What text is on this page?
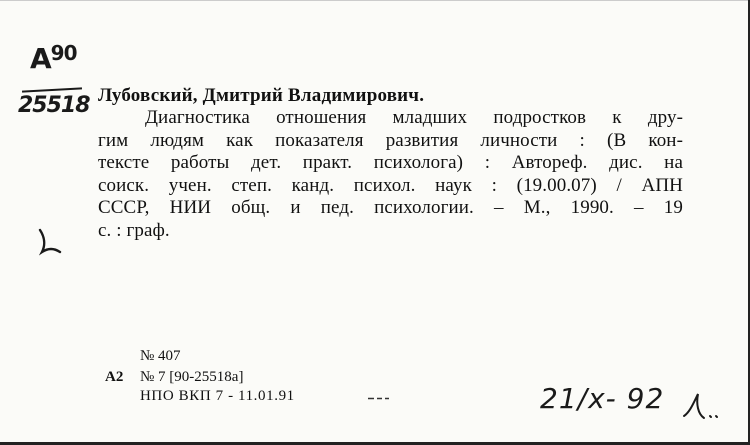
$A^{90}$
25518 Лубовский, Дмитрий Владимирович.
Диагностика отношения младших подростков к дру-
гим людям как показателя развития личности : (В кон-
тексте работы дет. практ. психолога) : Автореф. дис. на
соиск. учен. степ. канд. психол. наук : (19.00.07) / АПН
СССР, НИИ общ. и пед. психологии. – М., 1990. – 19
с. : граф.
№ 407
А2 № 7 [90-25518а]
НПО ВКП 7 - 11.01.91	21/x- 92
